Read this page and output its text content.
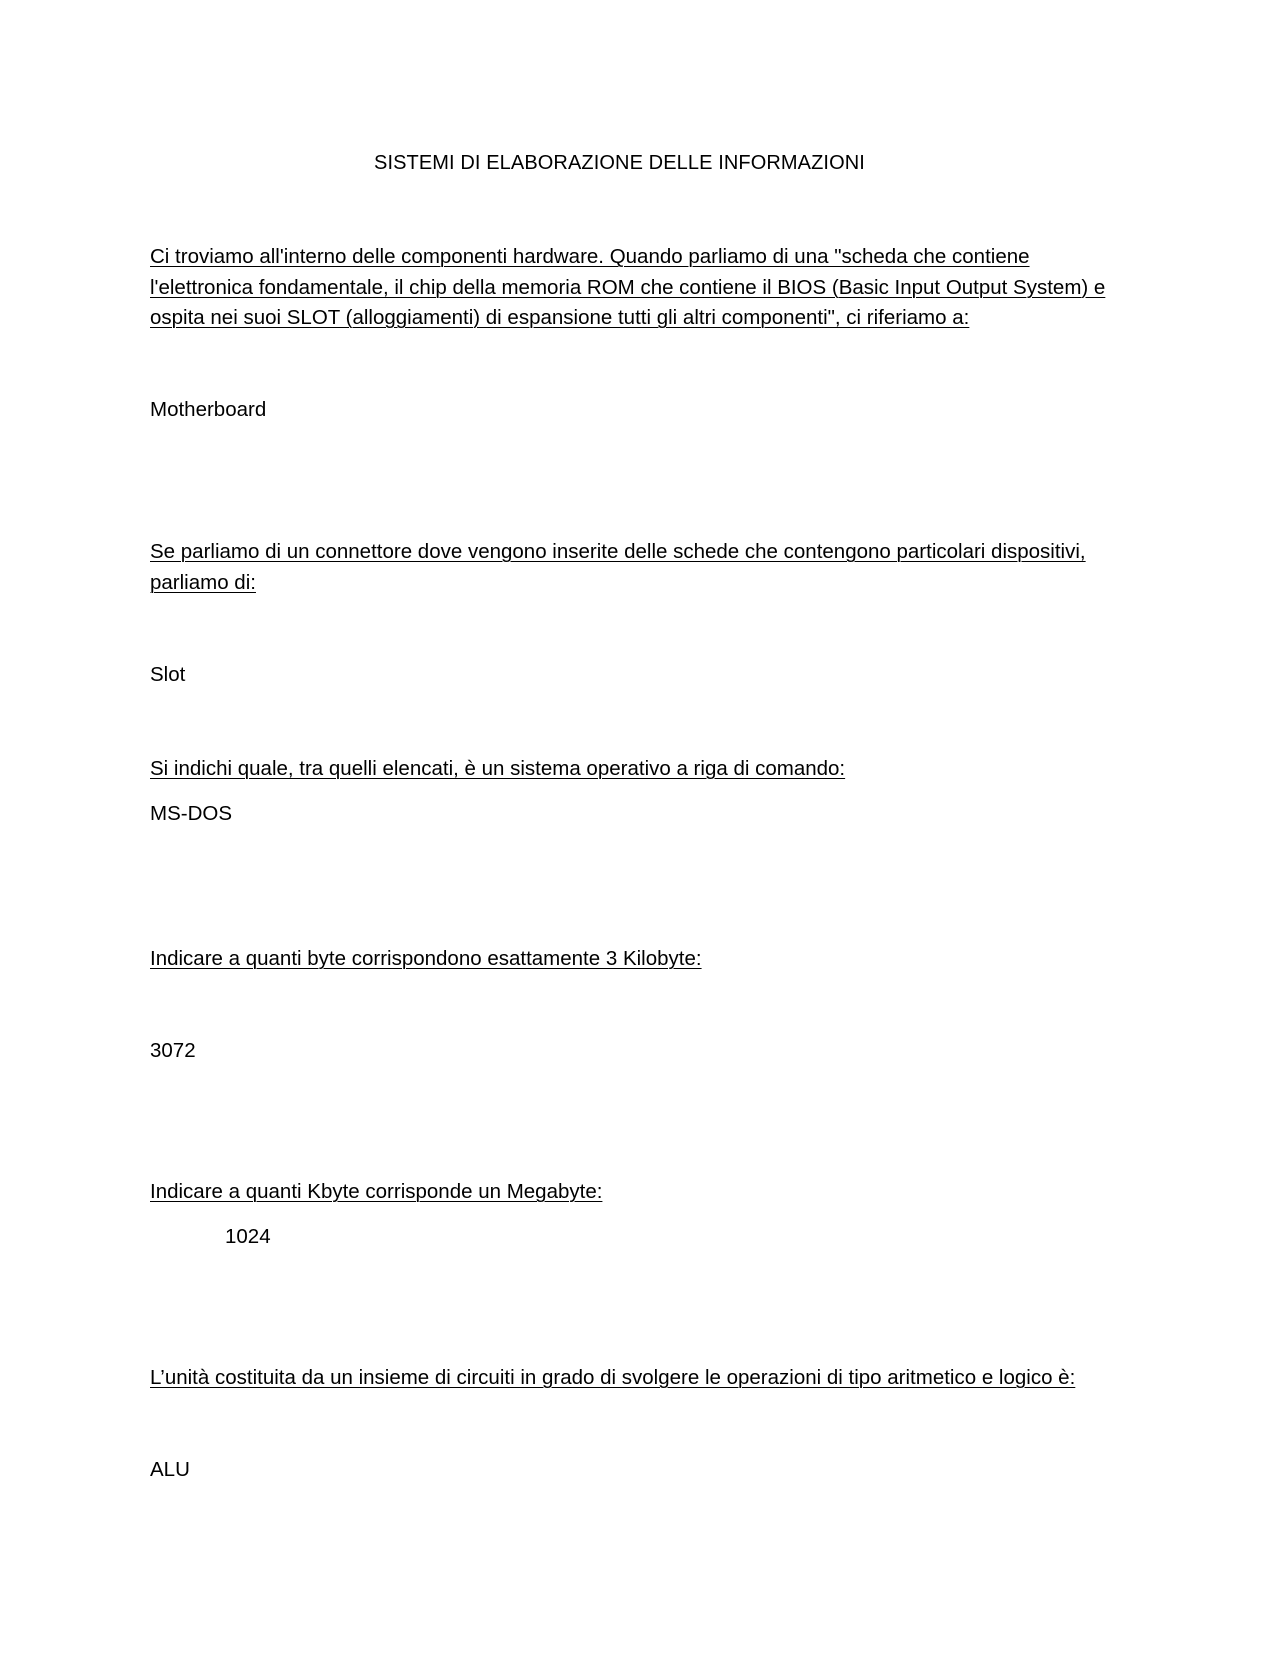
SISTEMI DI ELABORAZIONE DELLE INFORMAZIONI

Ci troviamo all'interno delle componenti hardware. Quando parliamo di una "scheda che contiene l'elettronica fondamentale, il chip della memoria ROM che contiene il BIOS (Basic Input Output System) e ospita nei suoi SLOT (alloggiamenti) di espansione tutti gli altri componenti", ci riferiamo a:

Motherboard

Se parliamo di un connettore dove vengono inserite delle schede che contengono particolari dispositivi, parliamo di:

Slot

Si indichi quale, tra quelli elencati, è un sistema operativo a riga di comando:

MS-DOS

Indicare a quanti byte corrispondono esattamente 3 Kilobyte:

3072

Indicare a quanti Kbyte corrisponde un Megabyte:

1024

L’unità costituita da un insieme di circuiti in grado di svolgere le operazioni di tipo aritmetico e logico è:

ALU
